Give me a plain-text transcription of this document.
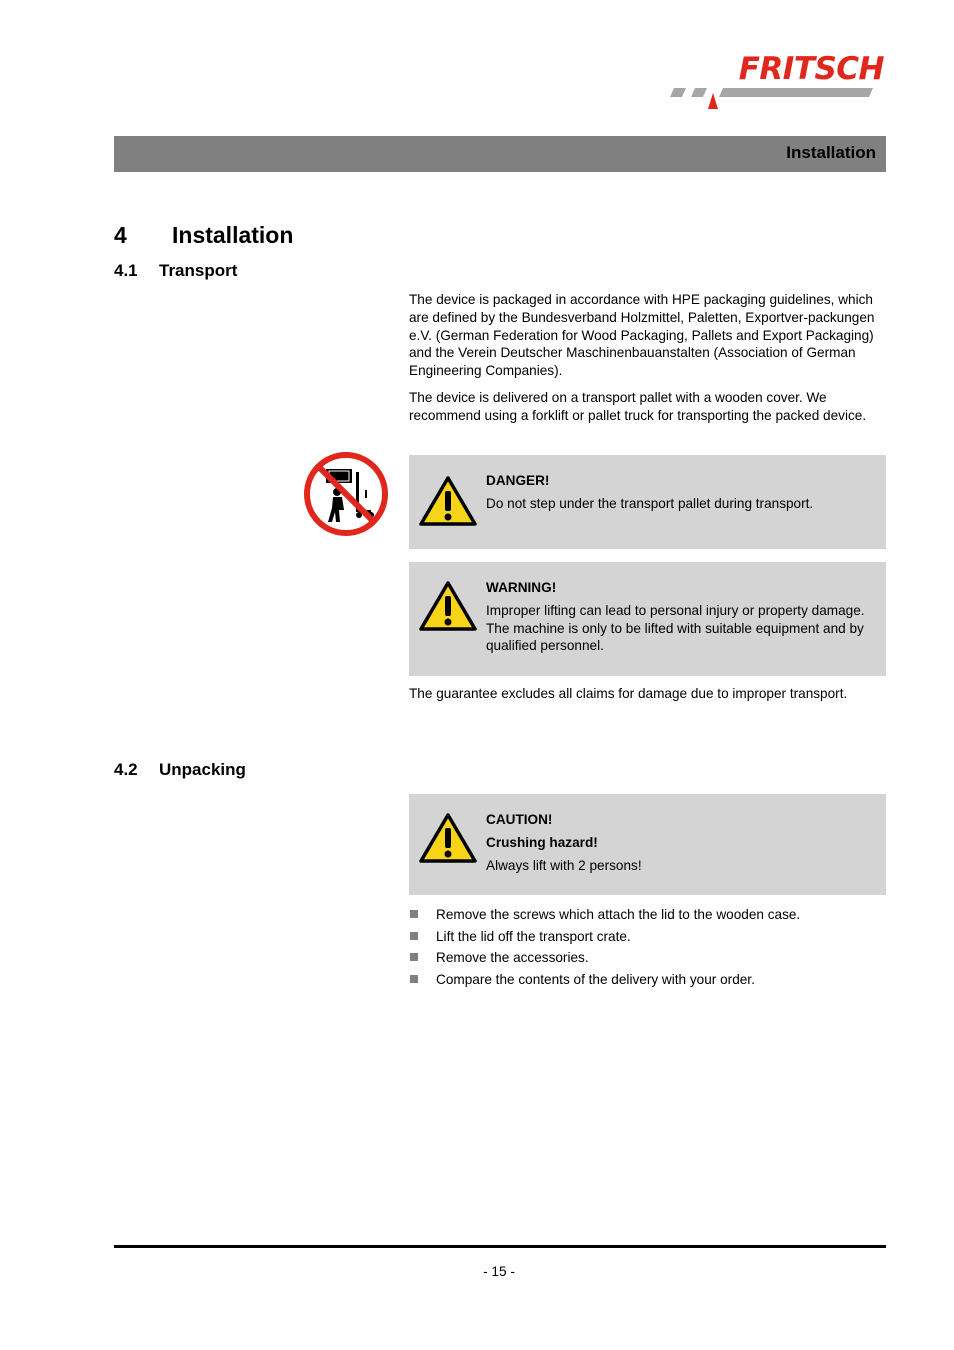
FRITSCH
Installation
4 Installation
4.1 Transport

The device is packaged in accordance with HPE packaging guidelines, which are defined by the Bundesverband Holzmittel, Paletten, Exportver-packungen e.V. (German Federation for Wood Packaging, Pallets and Export Packaging) and the Verein Deutscher Maschinenbauanstalten (Association of German Engineering Companies).

The device is delivered on a transport pallet with a wooden cover. We recommend using a forklift or pallet truck for transporting the packed device.

DANGER!
Do not step under the transport pallet during transport.
WARNING!
Improper lifting can lead to personal injury or property damage. The machine is only to be lifted with suitable equipment and by qualified personnel.

The guarantee excludes all claims for damage due to improper transport.

4.2 Unpacking
CAUTION!
Crushing hazard!
Always lift with 2 persons!
Remove the screws which attach the lid to the wooden case.
Lift the lid off the transport crate.
Remove the accessories.
Compare the contents of the delivery with your order.
- 15 -
